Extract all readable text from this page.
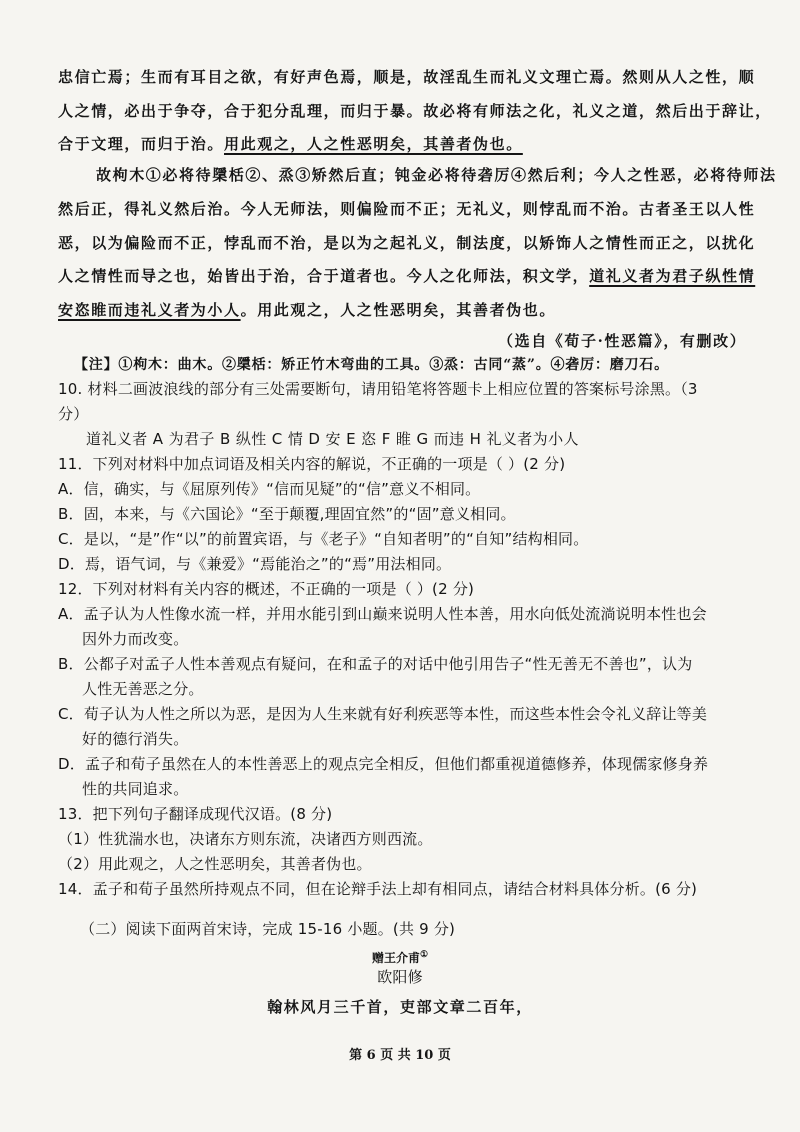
忠信亡焉；生而有耳目之欲，有好声色焉，顺是，故淫乱生而礼义文理亡焉。然则从人之性，顺
人之情，必出于争夺，合于犯分乱理，而归于暴。故必将有师法之化，礼义之道，然后出于辞让，
合于文理，而归于治。用此观之，人之性恶明矣，其善者伪也。
故枸木①必将待檃栝②、烝③矫然后直；钝金必将待砻厉④然后利；今人之性恶，必将待师法
然后正，得礼义然后治。今人无师法，则偏险而不正；无礼义，则悖乱而不治。古者圣王以人性
恶，以为偏险而不正，悖乱而不治，是以为之起礼义，制法度，以矫饰人之情性而正之，以扰化
人之情性而导之也，始皆出于治，合于道者也。今人之化师法，积文学，道礼义者为君子纵性情
安恣睢而违礼义者为小人。用此观之，人之性恶明矣，其善者伪也。
（选自《荀子·性恶篇》，有删改）
【注】①枸木：曲木。②檃栝：矫正竹木弯曲的工具。③烝：古同“蒸”。④砻厉：磨刀石。
10. 材料二画波浪线的部分有三处需要断句，请用铅笔将答题卡上相应位置的答案标号涂黑。（3
分）
道礼义者 A 为君子 B 纵性 C 情 D 安 E 恣 F 睢 G 而违 H 礼义者为小人
11．下列对材料中加点词语及相关内容的解说，不正确的一项是（ ）(2 分)
A．信，确实，与《屈原列传》“信而见疑”的“信”意义不相同。
B．固，本来，与《六国论》“至于颠覆,理固宜然”的“固”意义相同。
C．是以，“是”作“以”的前置宾语，与《老子》“自知者明”的“自知”结构相同。
D．焉，语气词，与《兼爱》“焉能治之”的“焉”用法相同。
12．下列对材料有关内容的概述，不正确的一项是（ ）(2 分)
A．孟子认为人性像水流一样，并用水能引到山巅来说明人性本善，用水向低处流淌说明本性也会
因外力而改变。
B．公都子对孟子人性本善观点有疑问，在和孟子的对话中他引用告子“性无善无不善也”，认为
人性无善恶之分。
C．荀子认为人性之所以为恶，是因为人生来就有好利疾恶等本性，而这些本性会令礼义辞让等美
好的德行消失。
D．孟子和荀子虽然在人的本性善恶上的观点完全相反，但他们都重视道德修养，体现儒家修身养
性的共同追求。
13．把下列句子翻译成现代汉语。(8 分)
（1）性犹湍水也，决诸东方则东流，决诸西方则西流。
（2）用此观之，人之性恶明矣，其善者伪也。
14．孟子和荀子虽然所持观点不同，但在论辩手法上却有相同点，请结合材料具体分析。(6 分)
（二）阅读下面两首宋诗，完成 15-16 小题。(共 9 分)
赠王介甫①
欧阳修
翰林风月三千首，吏部文章二百年，
第 6 页 共 10 页
